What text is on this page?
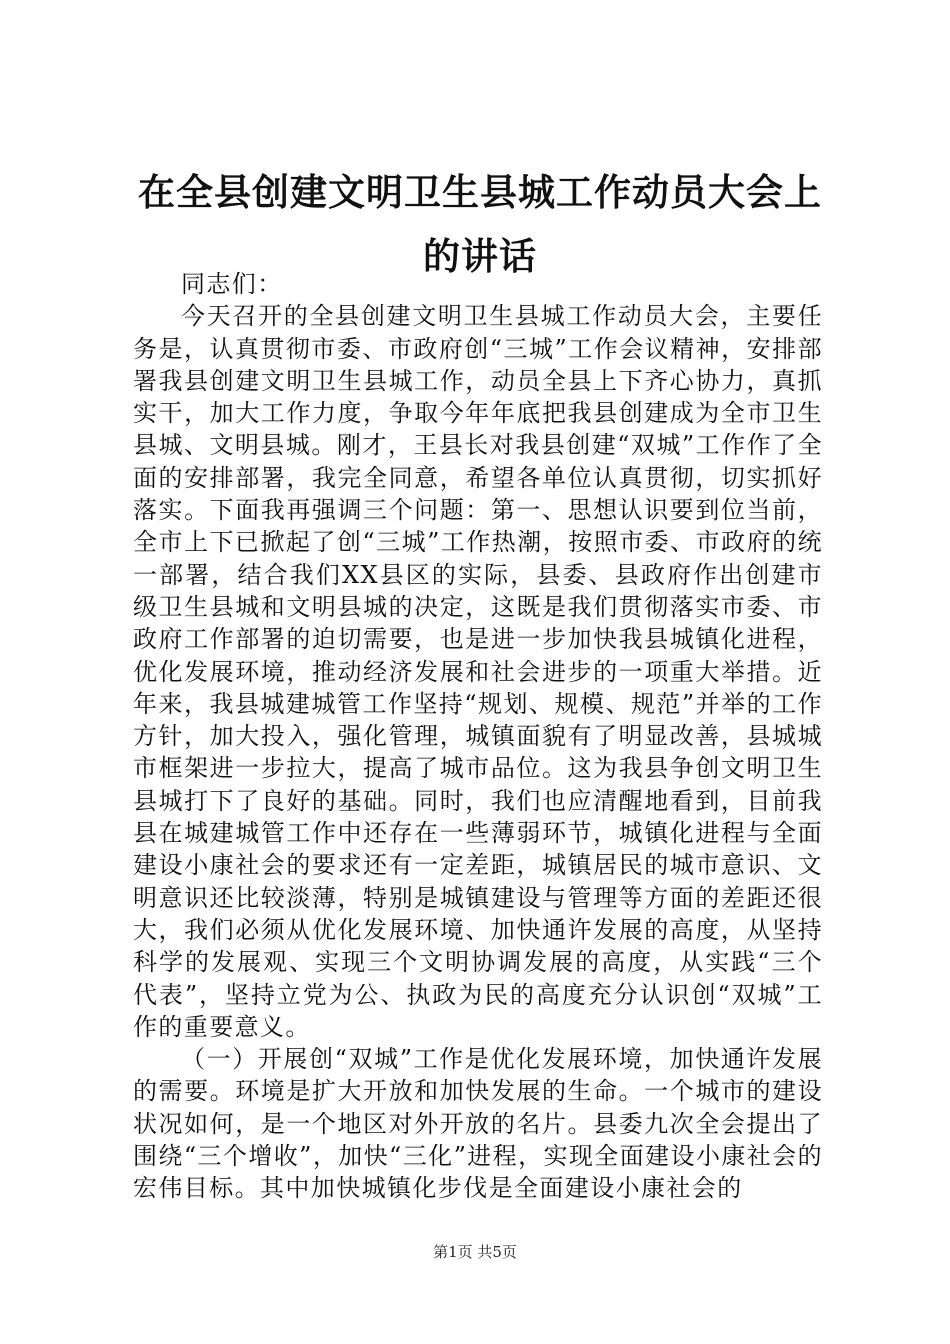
在全县创建文明卫生县城工作动员大会上的讲话

同志们：

今天召开的全县创建文明卫生县城工作动员大会，主要任务是，认真贯彻市委、市政府创“三城”工作会议精神，安排部署我县创建文明卫生县城工作，动员全县上下齐心协力，真抓实干，加大工作力度，争取今年年底把我县创建成为全市卫生县城、文明县城。刚才，王县长对我县创建“双城”工作作了全面的安排部署，我完全同意，希望各单位认真贯彻，切实抓好落实。下面我再强调三个问题：第一、思想认识要到位当前，全市上下已掀起了创“三城”工作热潮，按照市委、市政府的统一部署，结合我们XX县区的实际，县委、县政府作出创建市级卫生县城和文明县城的决定，这既是我们贯彻落实市委、市政府工作部署的迫切需要，也是进一步加快我县城镇化进程，优化发展环境，推动经济发展和社会进步的一项重大举措。近年来，我县城建城管工作坚持“规划、规模、规范”并举的工作方针，加大投入，强化管理，城镇面貌有了明显改善，县城城市框架进一步拉大，提高了城市品位。这为我县争创文明卫生县城打下了良好的基础。同时，我们也应清醒地看到，目前我县在城建城管工作中还存在一些薄弱环节，城镇化进程与全面建设小康社会的要求还有一定差距，城镇居民的城市意识、文明意识还比较淡薄，特别是城镇建设与管理等方面的差距还很大，我们必须从优化发展环境、加快通许发展的高度，从坚持科学的发展观、实现三个文明协调发展的高度，从实践“三个代表”，坚持立党为公、执政为民的高度充分认识创“双城”工作的重要意义。

（一）开展创“双城”工作是优化发展环境，加快通许发展的需要。环境是扩大开放和加快发展的生命。一个城市的建设状况如何，是一个地区对外开放的名片。县委九次全会提出了围绕“三个增收”，加快“三化”进程，实现全面建设小康社会的宏伟目标。其中加快城镇化步伐是全面建设小康社会的

第1页 共5页
